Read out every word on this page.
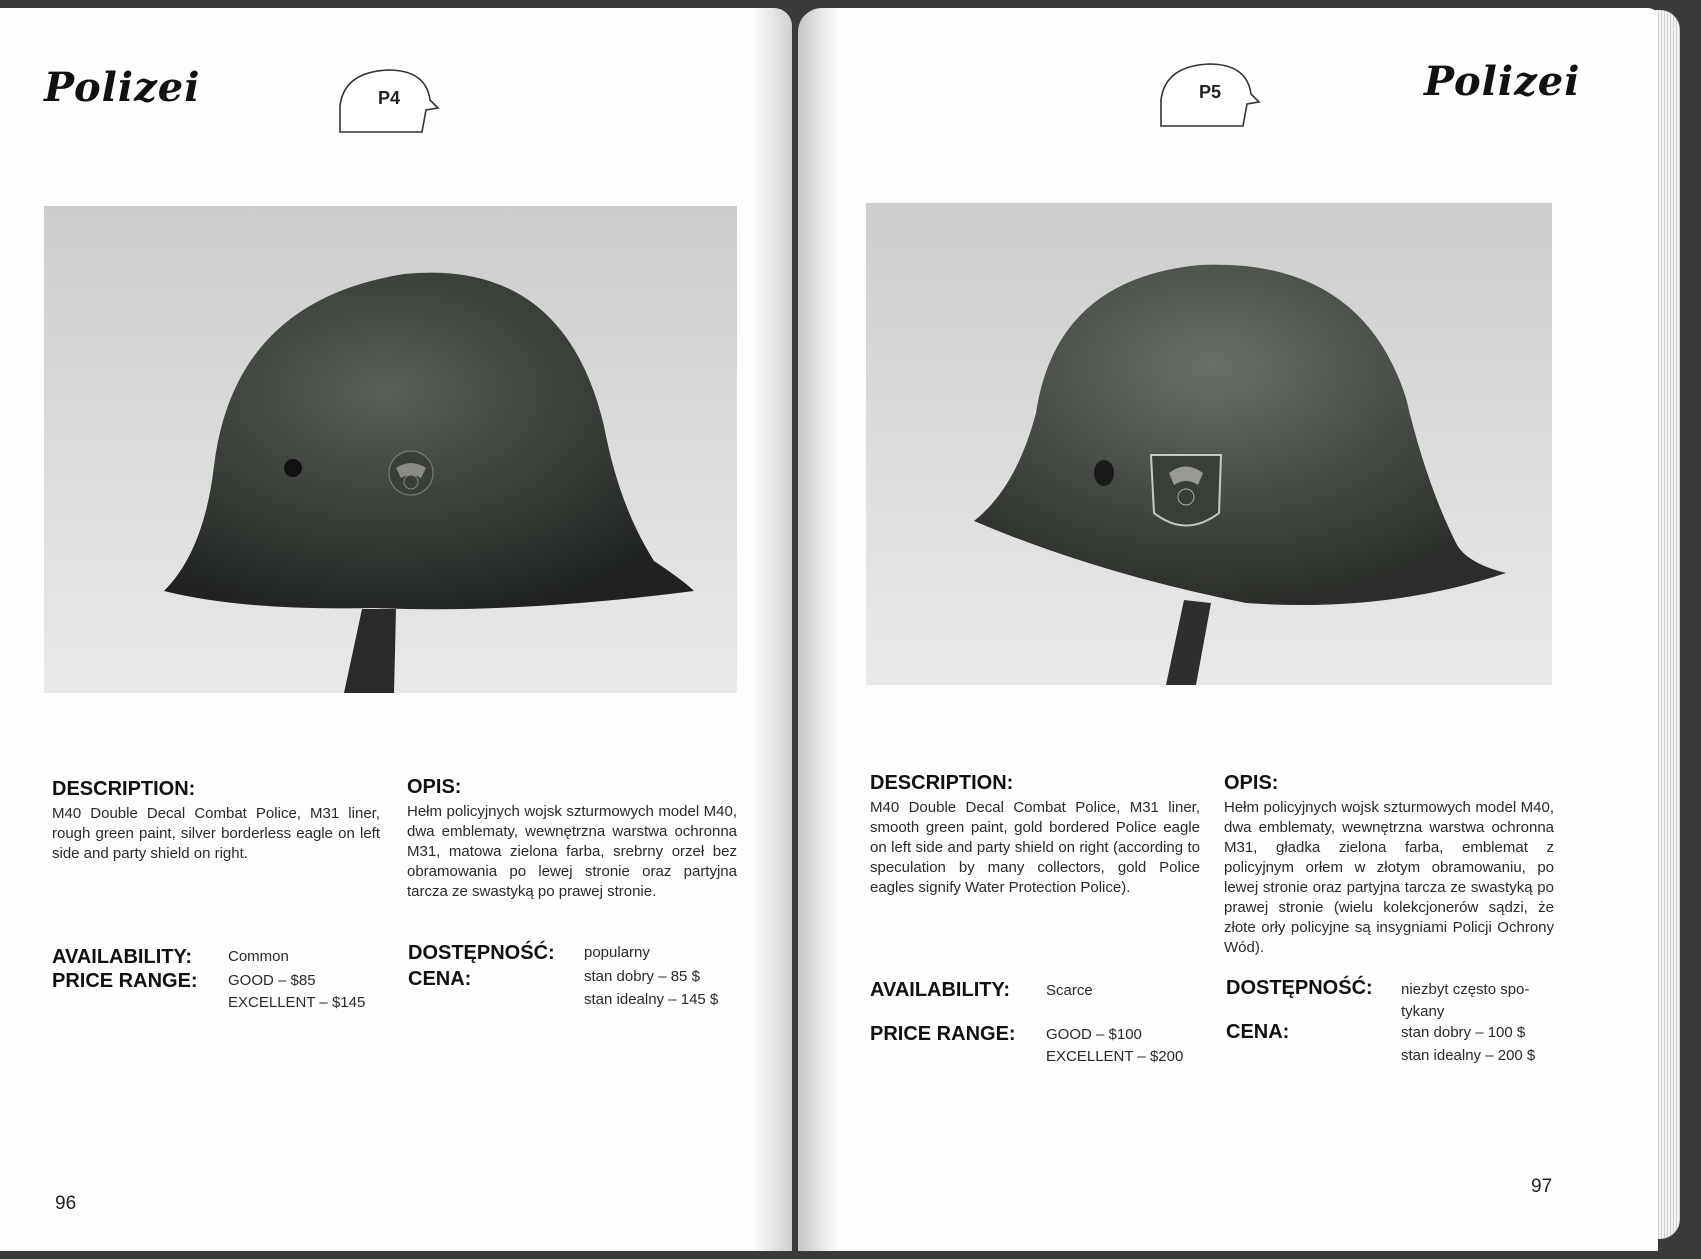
Polizei	P4
DESCRIPTION:
M40 Double Decal Combat Police, M31 liner, rough green paint, silver borderless eagle on left side and party shield on right.
OPIS:
Hełm policyjnych wojsk szturmowych model M40, dwa emblematy, wewnętrzna warstwa ochronna M31, matowa zielona farba, srebrny orzeł bez obramowania po lewej stronie oraz partyjna tarcza ze swastyką po prawej stronie.
AVAILABILITY: Common
PRICE RANGE: GOOD – $85
EXCELLENT – $145
DOSTĘPNOŚĆ: popularny
CENA:	stan dobry – 85 $
stan idealny – 145 $
96
P5	Polizei
DESCRIPTION:
M40 Double Decal Combat Police, M31 liner, smooth green paint, gold bordered Police eagle on left side and party shield on right (according to speculation by many collectors, gold Police eagles signify Water Protection Police).
OPIS:
Hełm policyjnych wojsk szturmowych model M40, dwa emblematy, wewnętrzna warstwa ochronna M31, gładka zielona farba, emblemat z policyjnym orłem w złotym obramowaniu, po lewej stronie oraz partyjna tarcza ze swastyką po prawej stronie (wielu kolekcjonerów sądzi, że złote orły policyjne są insygniami Policji Ochrony Wód).
AVAILABILITY: Scarce
PRICE RANGE: GOOD – $100
EXCELLENT – $200
DOSTĘPNOŚĆ: niezbyt często spo-
tykany
CENA:	stan dobry – 100 $
stan idealny – 200 $
97
